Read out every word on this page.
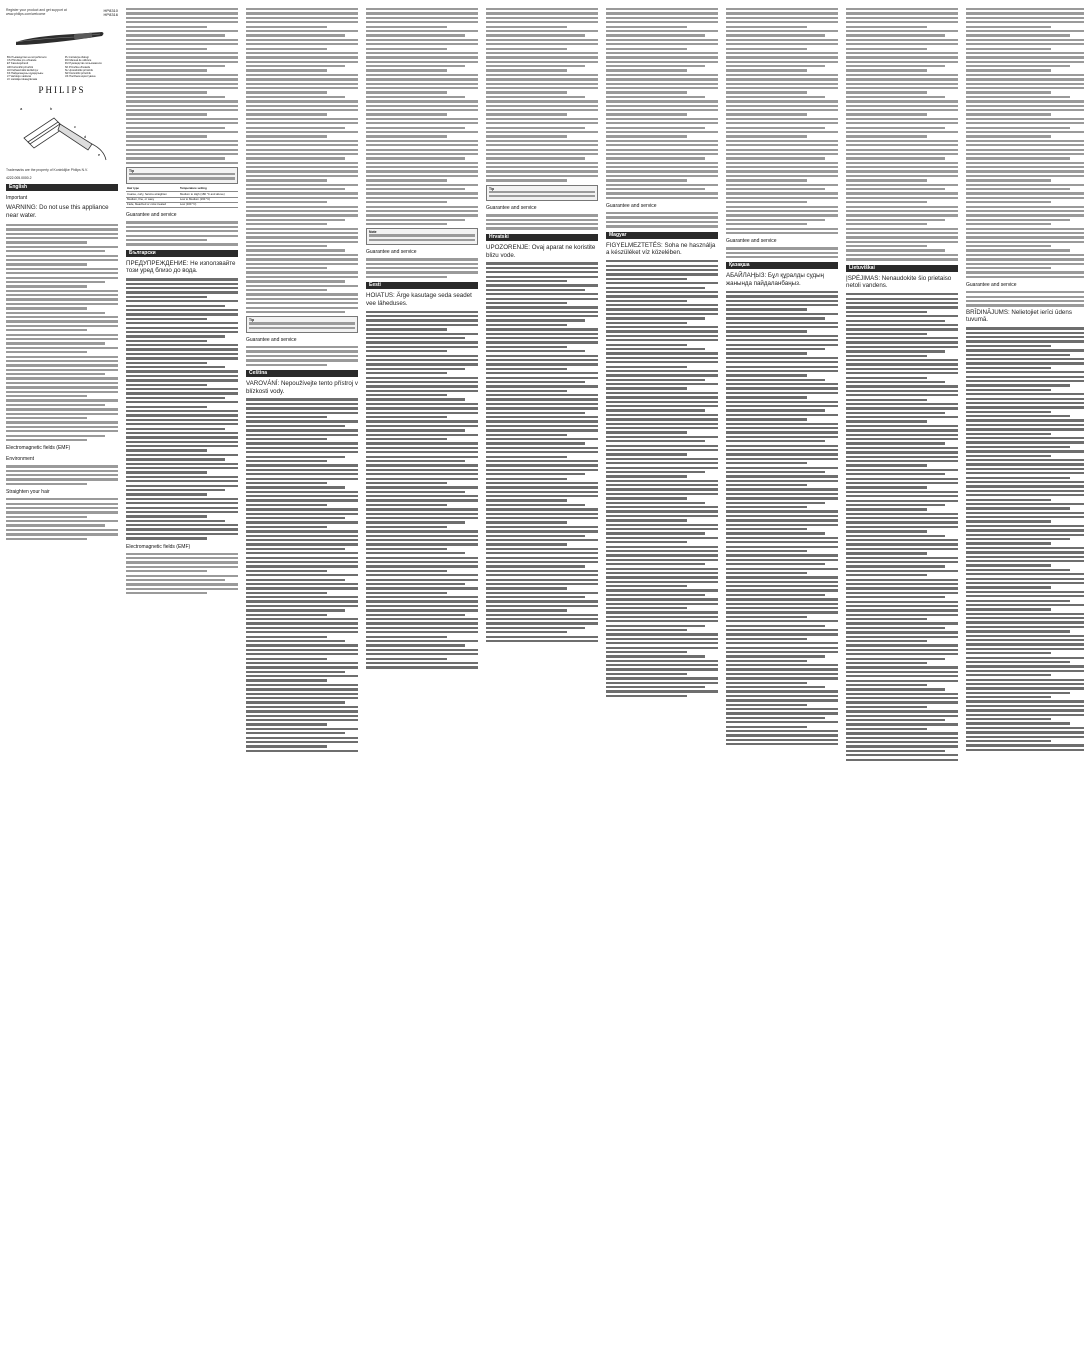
Register your product and get support at
www.philips.com/welcome
HP8310
HP8316
BG Ръководство на потребителя	PL Instrukcja obsługi
CS Příručka pro uživatele	RO Manual de utilizare
ET Kasutusjuhend	RU Руководство пользователя
HR Korisnički priručnik	SK Príručka užívateľa
HU Felhasználói kézikönyv	SL Uporabniški priročnik
KK Пайдаланушы нұсқаулығы	SR Korisnički priručnik
LT Vartotojo vadovas	UK Посібник користувача
LV Lietotāja rokasgrāmata	
PHILIPS
a	b
c
d
e
Trademarks are the property of Koninklijke Philips N.V.
4222.005.0000.2
English
Important
WARNING: Do not use this appliance near water.
Electromagnetic fields (EMF)
Environment
Straighten your hair
Tip
Hair type	Temperature setting
Coarse, curly, hard-to-straighten	Medium to High (180 °C and above)
Medium, fine, or wavy	Low to Medium (160 °C)
Fade, bleached or color-treated	Low (160 °C)
Guarantee and service
Български
ПРЕДУПРЕЖДЕНИЕ: Не използвайте този уред близо до вода.
Electromagnetic fields (EMF)
Tip
Guarantee and service
Čeština
VAROVÁNÍ: Nepoužívejte tento přístroj v blízkosti vody.
Note
Guarantee and service
Eesti
HOIATUS: Ärge kasutage seda seadet vee läheduses.
Tip
Guarantee and service
Hrvatski
UPOZORENJE: Ovaj aparat ne koristite blizu vode.
Guarantee and service
Magyar
FIGYELMEZTETÉS: Soha ne használja a készüléket víz közelében.
Guarantee and service
Қазақша
АБАЙЛАҢЫЗ: Бұл құралды судың жанында пайдаланбаңыз.
Lietuviškai
ĮSPĖJIMAS: Nenaudokite šio prietaiso netoli vandens.	Guarantee and service
BRĪDINĀJUMS: Nelietojiet ierīci ūdens tuvumā.
